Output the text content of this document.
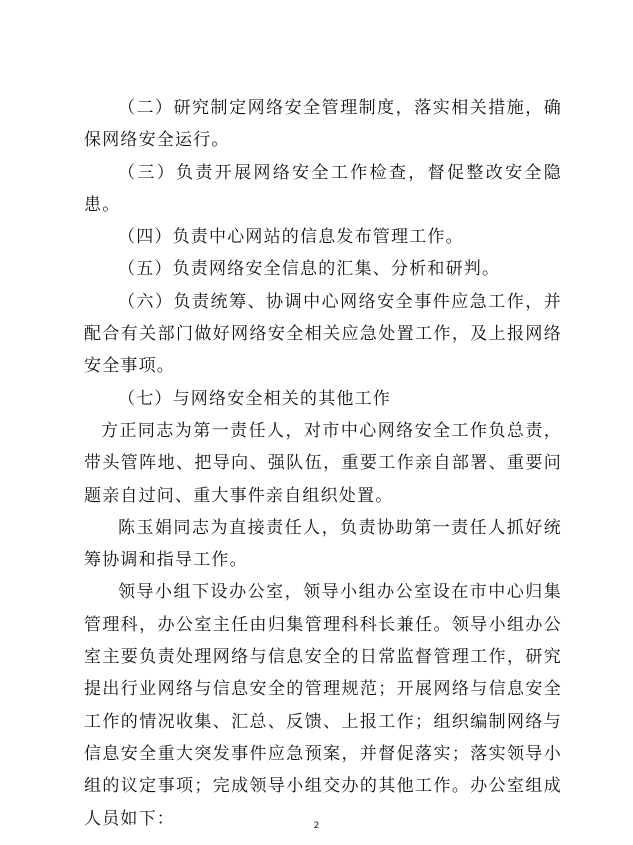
（二）研究制定网络安全管理制度，落实相关措施，确保网络安全运行。

（三）负责开展网络安全工作检查，督促整改安全隐患。

（四）负责中心网站的信息发布管理工作。

（五）负责网络安全信息的汇集、分析和研判。

（六）负责统筹、协调中心网络安全事件应急工作，并配合有关部门做好网络安全相关应急处置工作，及上报网络安全事项。

（七）与网络安全相关的其他工作

方正同志为第一责任人，对市中心网络安全工作负总责，带头管阵地、把导向、强队伍，重要工作亲自部署、重要问题亲自过问、重大事件亲自组织处置。

陈玉娟同志为直接责任人，负责协助第一责任人抓好统筹协调和指导工作。

领导小组下设办公室，领导小组办公室设在市中心归集管理科，办公室主任由归集管理科科长兼任。领导小组办公室主要负责处理网络与信息安全的日常监督管理工作，研究提出行业网络与信息安全的管理规范；开展网络与信息安全工作的情况收集、汇总、反馈、上报工作；组织编制网络与信息安全重大突发事件应急预案，并督促落实；落实领导小组的议定事项；完成领导小组交办的其他工作。办公室组成人员如下：	2
